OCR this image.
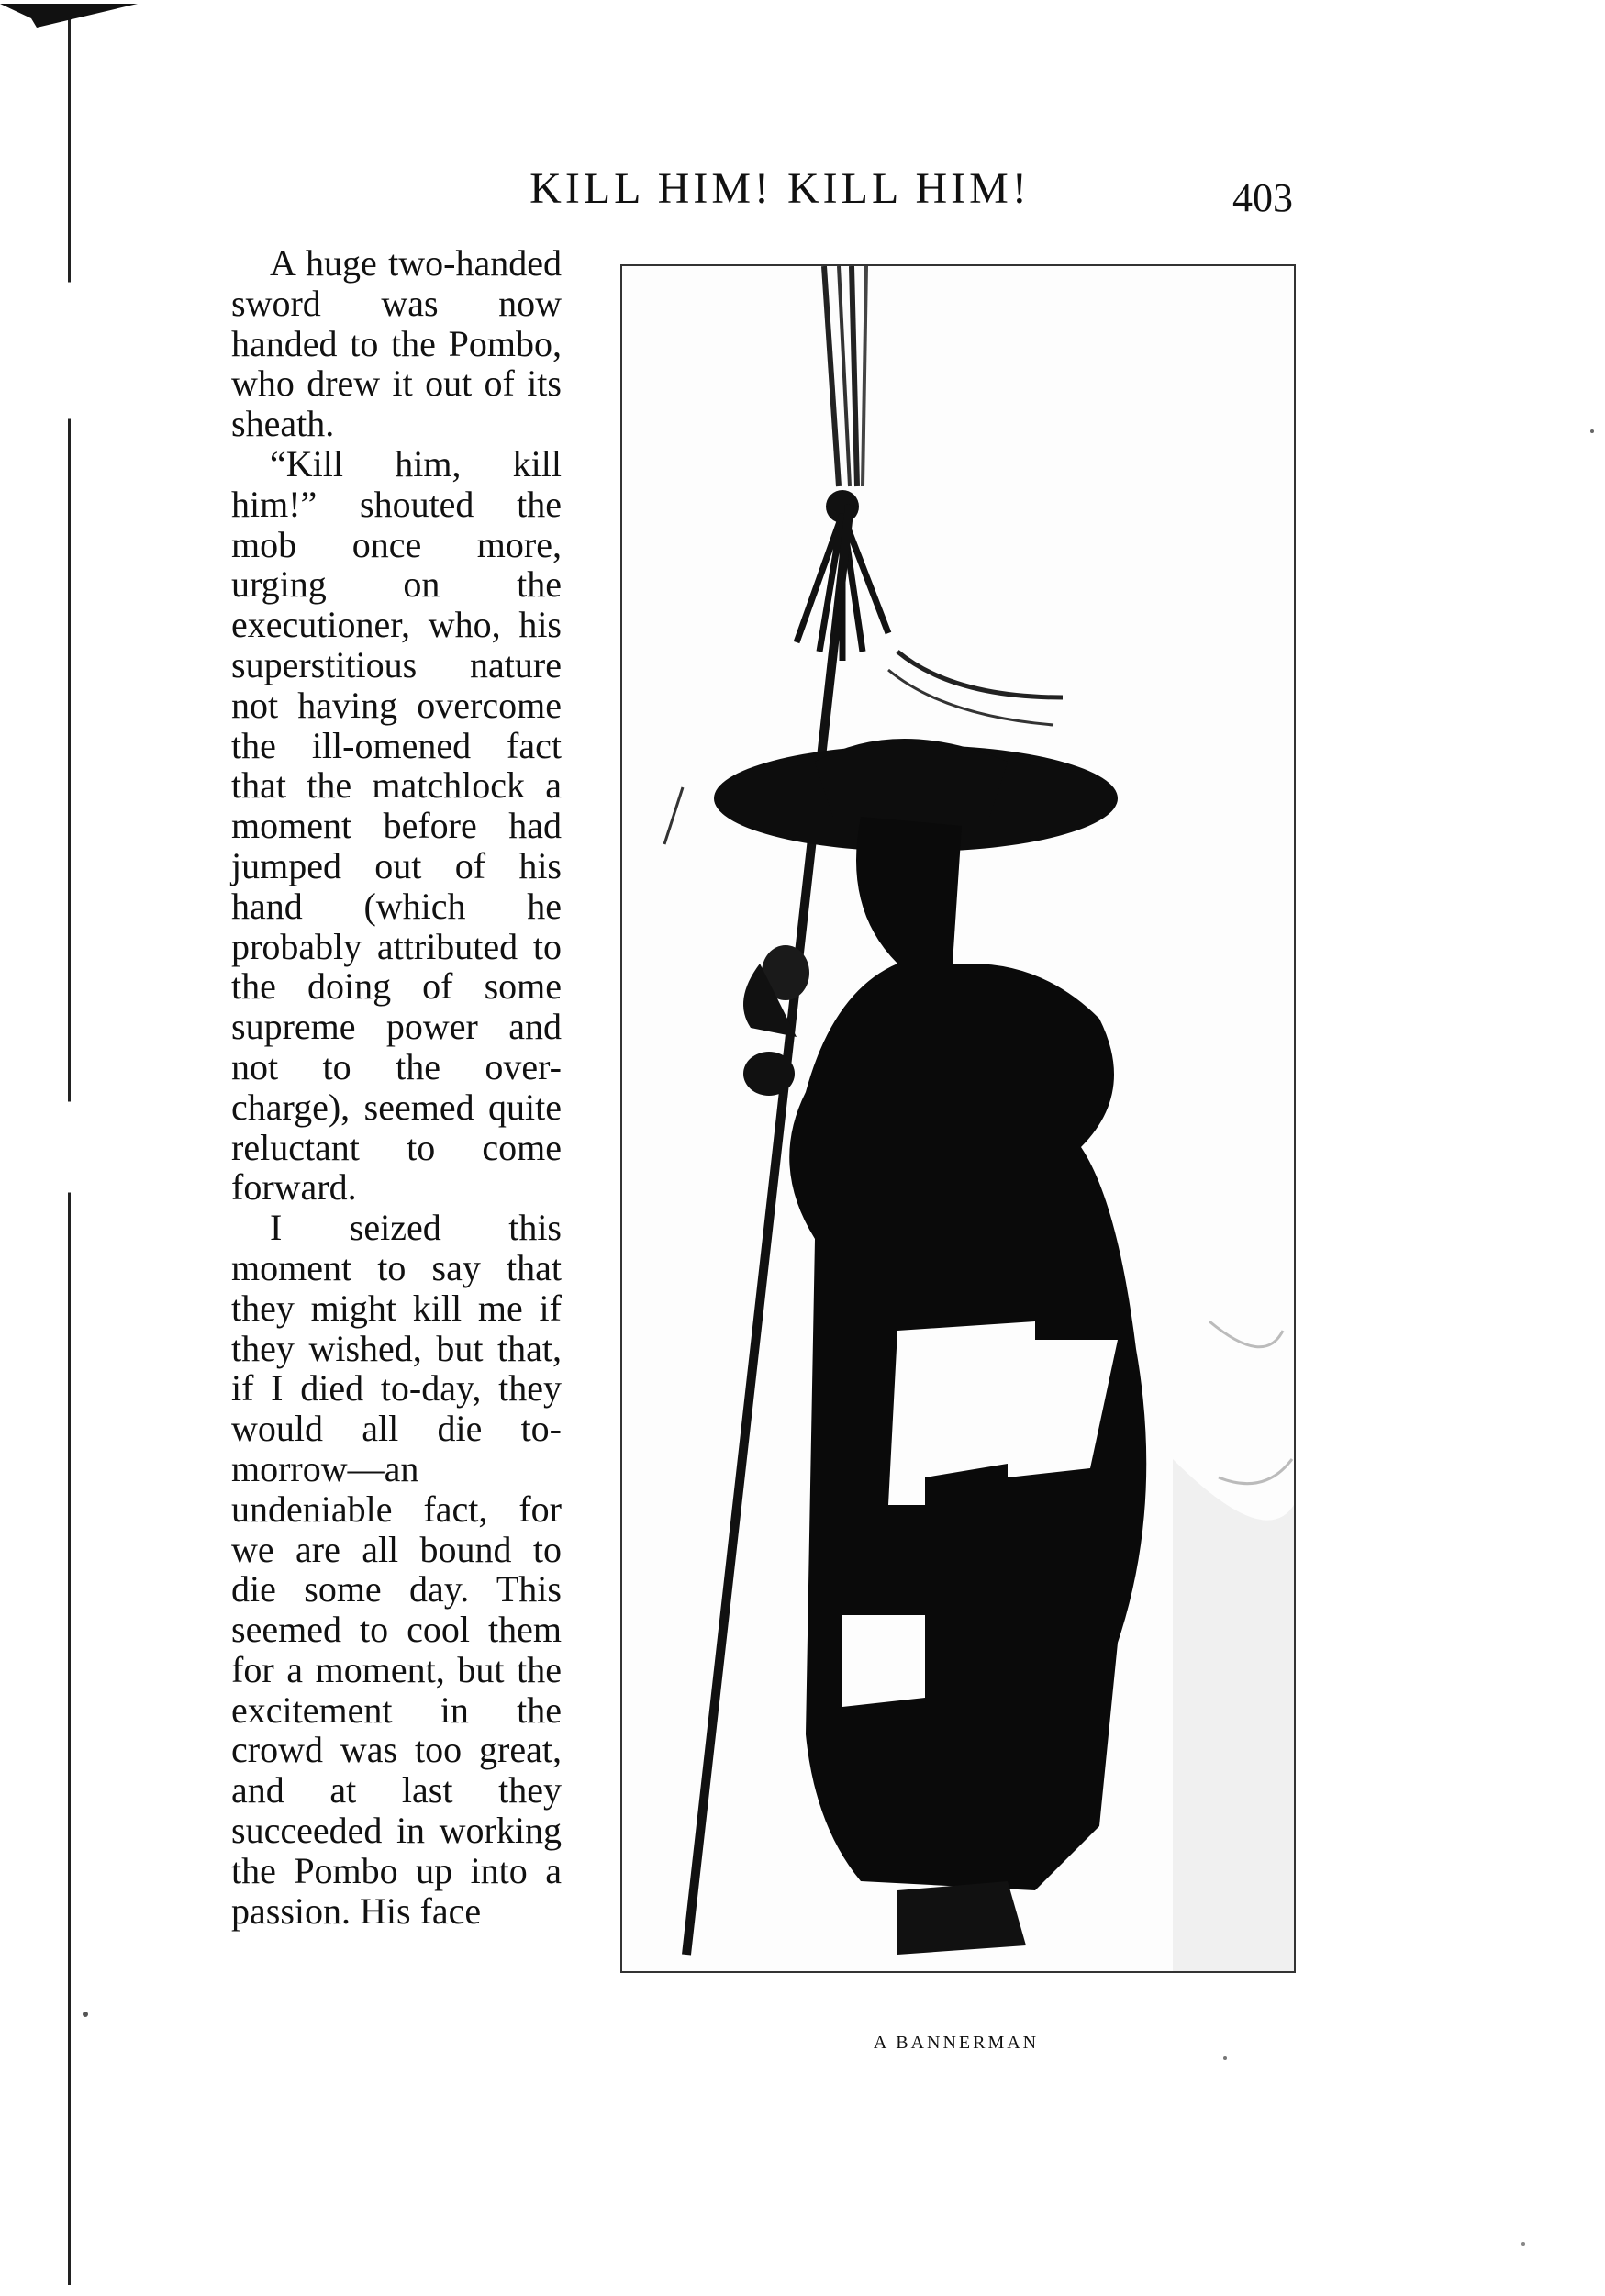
KILL HIM! KILL HIM!	403

A huge two-handed sword was now handed to the Pombo, who drew it out of its sheath.

“Kill him, kill him!” shouted the mob once more, urging on the executioner, who, his superstitious nature not having overcome the ill-omened fact that the matchlock a moment before had jumped out of his hand (which he probably attributed to the doing of some supreme power and not to the over-charge), seemed quite reluctant to come forward.

I seized this moment to say that they might kill me if they wished, but that, if I died to-day, they would all die to-morrow—an undeniable fact, for we are all bound to die some day. This seemed to cool them for a moment, but the excitement in the crowd was too great, and at last they succeeded in working the Pombo up into a passion. His face

A BANNERMAN
